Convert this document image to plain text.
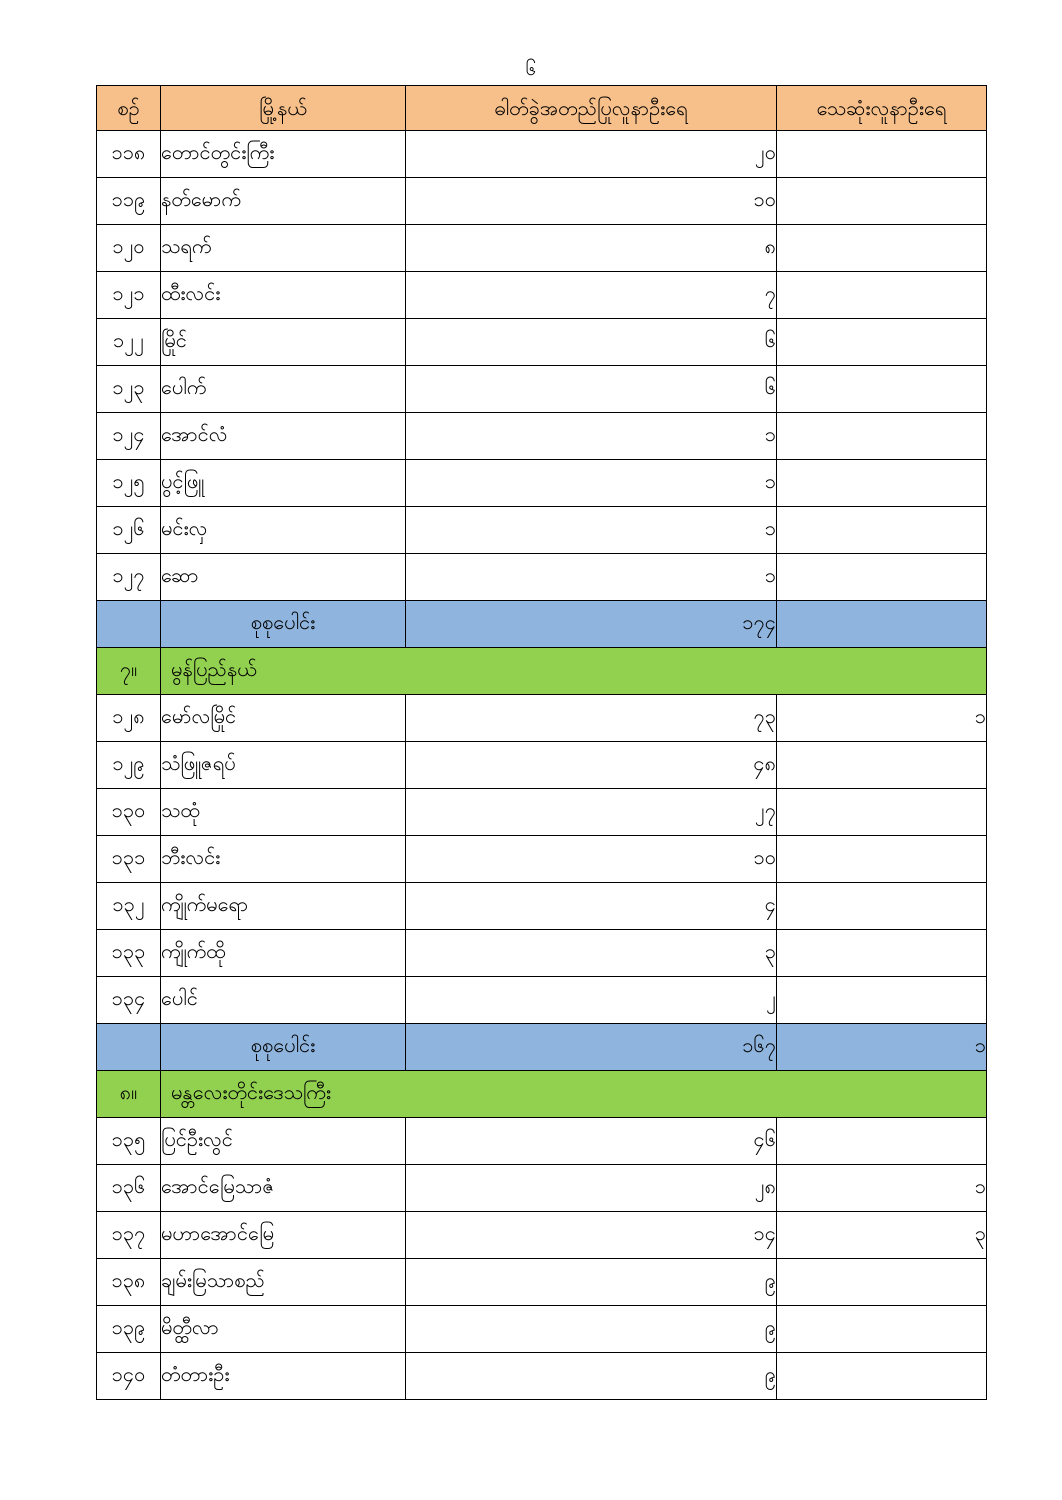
၆
စဉ်	မြို့နယ်	ဓါတ်ခွဲအတည်ပြုလူနာဦးရေ	သေဆုံးလူနာဦးရေ
၁၁၈	တောင်တွင်းကြီး	၂၀	
၁၁၉	နတ်မောက်	၁၀	
၁၂၀	သရက်	၈	
၁၂၁	ထီးလင်း	၇	
၁၂၂	မြိုင်	၆	
၁၂၃	ပေါက်	၆	
၁၂၄	အောင်လံ	၁	
၁၂၅	ပွင့်ဖြူ	၁	
၁၂၆	မင်းလှ	၁	
၁၂၇	ဆော	၁	
	စုစုပေါင်း	၁၇၄	
၇။	မွန်ပြည်နယ်		
၁၂၈	မော်လမြိုင်	၇၃	၁
၁၂၉	သံဖြူဇရပ်	၄၈	
၁၃၀	သထုံ	၂၇	
၁၃၁	ဘီးလင်း	၁၀	
၁၃၂	ကျိုက်မရော	၄	
၁၃၃	ကျိုက်ထို	၃	
၁၃၄	ပေါင်	၂	
	စုစုပေါင်း	၁၆၇	၁
၈။	မန္တလေးတိုင်းဒေသကြီး		
၁၃၅	ပြင်ဦးလွင်	၄၆	
၁၃၆	အောင်မြေသာဇံ	၂၈	၁
၁၃၇	မဟာအောင်မြေ	၁၄	၃
၁၃၈	ချမ်းမြသာစည်	၉	
၁၃၉	မိတ္ထီလာ	၉	
၁၄၀	တံတားဦး	၉	
